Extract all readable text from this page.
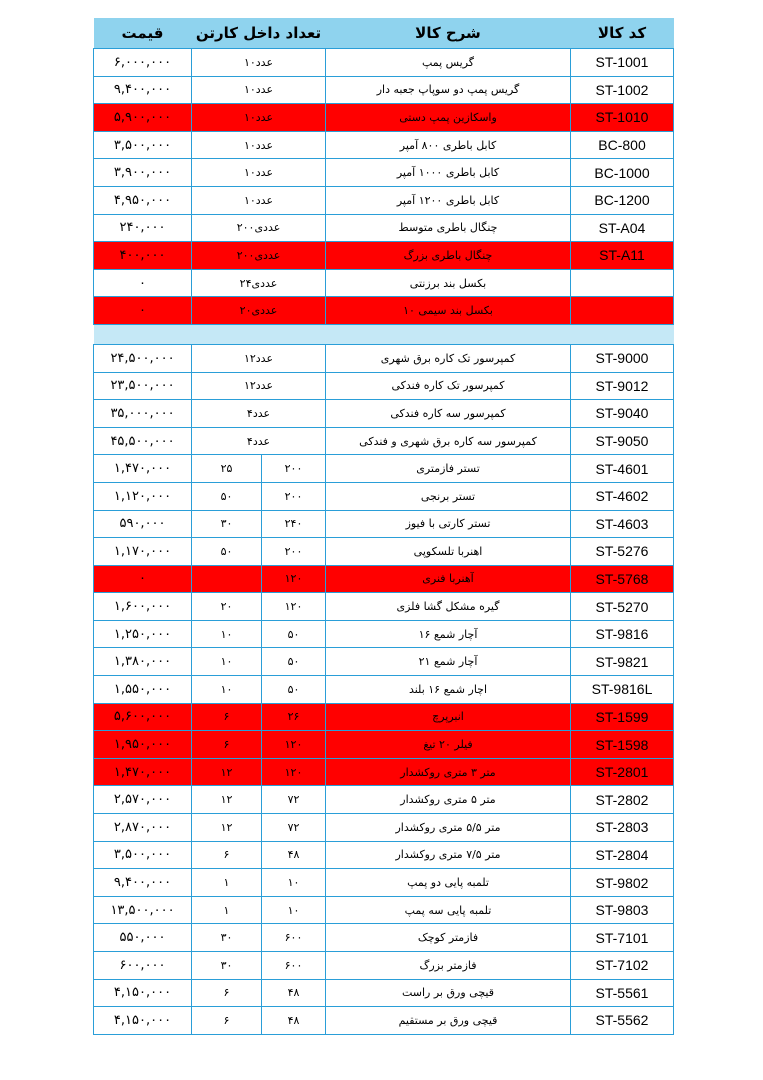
قیمت	تعداد داخل کارتن		شرح کالا	کد کالا
۶,۰۰۰,۰۰۰	۱۰عدد		گریس پمپ	ST-1001
۹,۴۰۰,۰۰۰	۱۰عدد		گریس پمپ دو سوپاپ جعبه دار	ST-1002
۵,۹۰۰,۰۰۰	۱۰عدد		واسکازین پمپ دستی	ST-1010
۳,۵۰۰,۰۰۰	۱۰عدد		کابل باطری ۸۰۰ آمپر	BC-800
۳,۹۰۰,۰۰۰	۱۰عدد		کابل باطری ۱۰۰۰ آمپر	BC-1000
۴,۹۵۰,۰۰۰	۱۰عدد		کابل باطری ۱۲۰۰ آمپر	BC-1200
۲۴۰,۰۰۰	۲۰۰عددی		چنگال باطری متوسط	ST-A04
۴۰۰,۰۰۰	۲۰۰عددی		چنگال باطری بزرگ	ST-A11
۰	۲۴عددی		بکسل بند برزنتی	
۰	۲۰عددی		بکسل بند سیمی ۱۰	

۲۴,۵۰۰,۰۰۰	۱۲عدد		کمپرسور تک کاره برق شهری	ST-9000
۲۳,۵۰۰,۰۰۰	۱۲عدد		کمپرسور تک کاره فندکی	ST-9012
۳۵,۰۰۰,۰۰۰	۴عدد		کمپرسور سه کاره فندکی	ST-9040
۴۵,۵۰۰,۰۰۰	۴عدد		کمپرسور سه کاره برق شهری و فندکی	ST-9050
۱,۴۷۰,۰۰۰	۲۵	۲۰۰	تستر فازمتری	ST-4601
۱,۱۲۰,۰۰۰	۵۰	۲۰۰	تستر برنجی	ST-4602
۵۹۰,۰۰۰	۳۰	۲۴۰	تستر کارتی با فیوز	ST-4603
۱,۱۷۰,۰۰۰	۵۰	۲۰۰	اهنربا تلسکوپی	ST-5276
۰		۱۲۰	آهنربا فنری	ST-5768
۱,۶۰۰,۰۰۰	۲۰	۱۲۰	گیره مشکل گشا فلزی	ST-5270
۱,۲۵۰,۰۰۰	۱۰	۵۰	آچار شمع ۱۶	ST-9816
۱,۳۸۰,۰۰۰	۱۰	۵۰	آچار شمع ۲۱	ST-9821
۱,۵۵۰,۰۰۰	۱۰	۵۰	اچار شمع ۱۶ بلند	ST-9816L
۵,۶۰۰,۰۰۰	۶	۲۶	انبرپرچ	ST-1599
۱,۹۵۰,۰۰۰	۶	۱۲۰	فیلر ۲۰ تیغ	ST-1598
۱,۴۷۰,۰۰۰	۱۲	۱۲۰	متر ۳ متری روکشدار	ST-2801
۲,۵۷۰,۰۰۰	۱۲	۷۲	متر ۵ متری روکشدار	ST-2802
۲,۸۷۰,۰۰۰	۱۲	۷۲	متر ۵/۵ متری روکشدار	ST-2803
۳,۵۰۰,۰۰۰	۶	۴۸	متر ۷/۵ متری روکشدار	ST-2804
۹,۴۰۰,۰۰۰	۱	۱۰	تلمبه پایی دو پمپ	ST-9802
۱۳,۵۰۰,۰۰۰	۱	۱۰	تلمبه پایی سه پمپ	ST-9803
۵۵۰,۰۰۰	۳۰	۶۰۰	فازمتر کوچک	ST-7101
۶۰۰,۰۰۰	۳۰	۶۰۰	فازمتر بزرگ	ST-7102
۴,۱۵۰,۰۰۰	۶	۴۸	قیچی ورق بر راست	ST-5561
۴,۱۵۰,۰۰۰	۶	۴۸	قیچی ورق بر مستقیم	ST-5562
